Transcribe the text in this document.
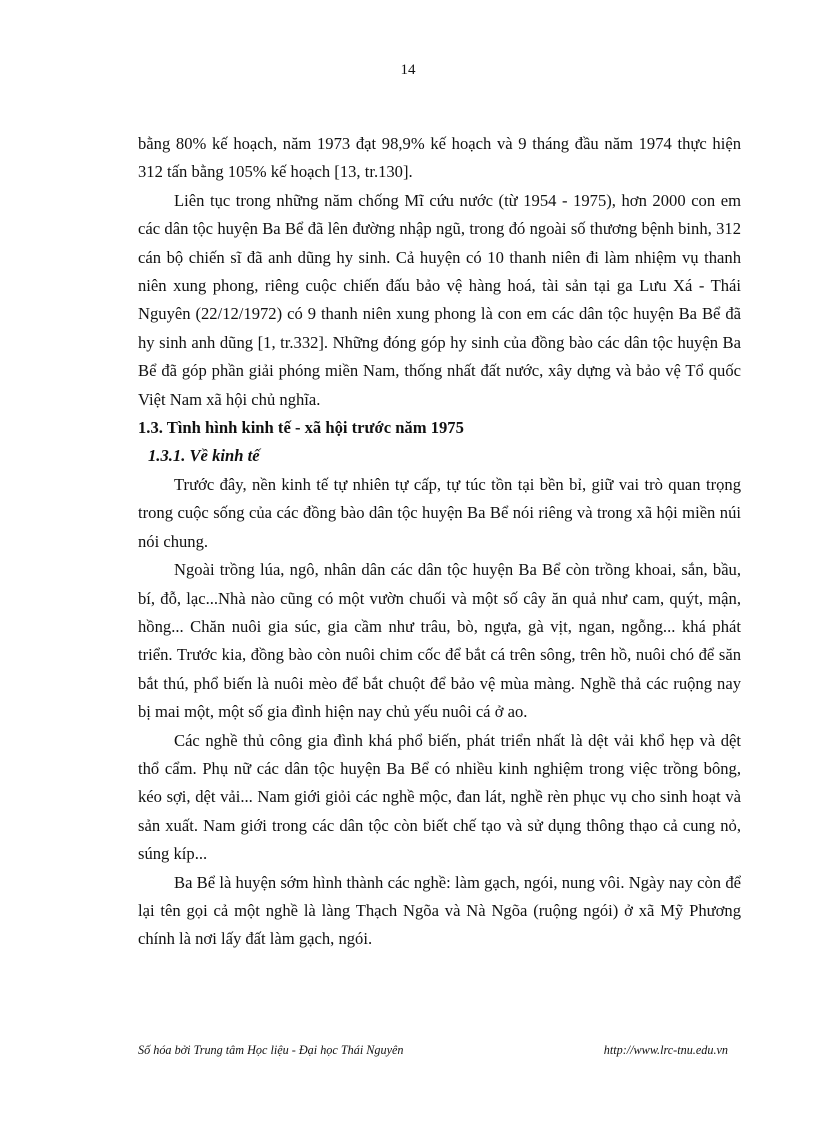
14

bằng 80% kế hoạch, năm 1973 đạt 98,9% kế hoạch và 9 tháng đầu năm 1974 thực hiện 312 tấn bằng 105% kế hoạch [13, tr.130].

Liên tục trong những năm chống Mĩ cứu nước (từ 1954 - 1975), hơn 2000 con em các dân tộc huyện Ba Bể đã lên đường nhập ngũ, trong đó ngoài số thương bệnh binh, 312 cán bộ chiến sĩ đã anh dũng hy sinh. Cả huyện có 10 thanh niên đi làm nhiệm vụ thanh niên xung phong, riêng cuộc chiến đấu bảo vệ hàng hoá, tài sản tại ga Lưu Xá - Thái Nguyên (22/12/1972) có 9 thanh niên xung phong là con em các dân tộc huyện Ba Bể đã hy sinh anh dũng [1, tr.332]. Những đóng góp hy sinh của đồng bào các dân tộc huyện Ba Bể đã góp phần giải phóng miền Nam, thống nhất đất nước, xây dựng và bảo vệ Tổ quốc Việt Nam xã hội chủ nghĩa.

1.3. Tình hình kinh tế - xã hội trước năm 1975
1.3.1. Về kinh tế

Trước đây, nền kinh tế tự nhiên tự cấp, tự túc tồn tại bền bỉ, giữ vai trò quan trọng trong cuộc sống của các đồng bào dân tộc huyện Ba Bể nói riêng và trong xã hội miền núi nói chung.

Ngoài trồng lúa, ngô, nhân dân các dân tộc huyện Ba Bể còn trồng khoai, sắn, bầu, bí, đỗ, lạc...Nhà nào cũng có một vườn chuối và một số cây ăn quả như cam, quýt, mận, hồng... Chăn nuôi gia súc, gia cầm như trâu, bò, ngựa, gà vịt, ngan, ngỗng... khá phát triển. Trước kia, đồng bào còn nuôi chim cốc để bắt cá trên sông, trên hồ, nuôi chó để săn bắt thú, phổ biến là nuôi mèo để bắt chuột để bảo vệ mùa màng. Nghề thả các ruộng nay bị mai một, một số gia đình hiện nay chủ yếu nuôi cá ở ao.

Các nghề thủ công gia đình khá phổ biến, phát triển nhất là dệt vải khổ hẹp và dệt thổ cẩm. Phụ nữ các dân tộc huyện Ba Bể có nhiều kinh nghiệm trong việc trồng bông, kéo sợi, dệt vải... Nam giới giỏi các nghề mộc, đan lát, nghề rèn phục vụ cho sinh hoạt và sản xuất. Nam giới trong các dân tộc còn biết chế tạo và sử dụng thông thạo cả cung nỏ, súng kíp...

Ba Bể là huyện sớm hình thành các nghề: làm gạch, ngói, nung vôi. Ngày nay còn để lại tên gọi cả một nghề là làng Thạch Ngõa và Nà Ngõa (ruộng ngói) ở xã Mỹ Phương chính là nơi lấy đất làm gạch, ngói.

Số hóa bởi Trung tâm Học liệu - Đại học Thái Nguyên	http://www.lrc-tnu.edu.vn
